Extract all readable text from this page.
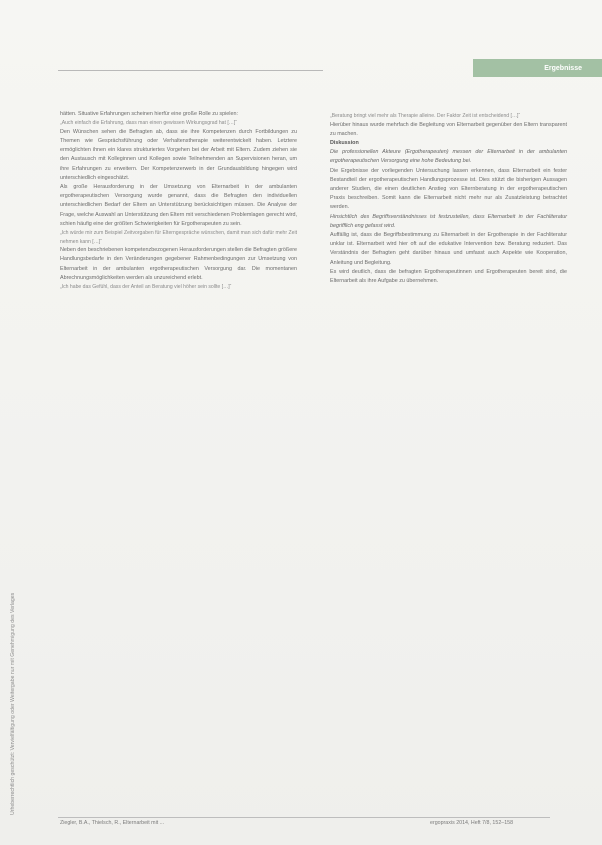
Ergebnisse
Urheberrechtlich geschützt: Vervielfältigung oder Weitergabe nur mit Genehmigung des Verlages

hätten. Situative Erfahrungen scheinen hierfür eine große Rolle zu spielen:

„Auch einfach die Erfahrung, dass man einen gewissen Wirkungsgrad hat […]“

Den Wünschen sehen die Befragten ab, dass sie ihre Kompetenzen durch Fortbildungen zu Themen wie Gesprächsführung oder Verhaltenstherapie weiterentwickelt haben. Letztere ermöglichten ihnen ein klares strukturiertes Vorgehen bei der Arbeit mit Eltern. Zudem ziehen sie den Austausch mit Kolleginnen und Kollegen sowie Teilnehmenden an Supervisionen heran, um ihre Erfahrungen zu erweitern. Der Kompetenzerwerb in der Grundausbildung hingegen wird unterschiedlich eingeschätzt.

Als große Herausforderung in der Umsetzung von Elternarbeit in der ambulanten ergotherapeutischen Versorgung wurde genannt, dass die Befragten den individuellen unterschiedlichen Bedarf der Eltern an Unterstützung berücksichtigen müssen. Die Analyse der Frage, welche Auswahl an Unterstützung den Eltern mit verschiedenen Problemlagen gerecht wird, schien häufig eine der größten Schwierigkeiten für Ergotherapeuten zu sein.

„Ich würde mir zum Beispiel Zeitvorgaben für Elterngespräche wünschen, damit man sich dafür mehr Zeit nehmen kann […]“

Neben den beschriebenen kompetenzbezogenen Herausforderungen stellen die Befragten größere Handlungsbedarfe in den Veränderungen gegebener Rahmenbedingungen zur Umsetzung von Elternarbeit in der ambulanten ergotherapeutischen Versorgung dar. Die momentanen Abrechnungsmöglichkeiten werden als unzureichend erlebt.

„Ich habe das Gefühl, dass der Anteil an Beratung viel höher sein sollte […]“

„Beratung bringt viel mehr als Therapie alleine. Der Faktor Zeit ist entscheidend […]“

Hierüber hinaus wurde mehrfach die Begleitung von Elternarbeit gegenüber den Eltern transparent zu machen.

Diskussion

Die professionellen Akteure (Ergotherapeuten) messen der Elternarbeit in der ambulanten ergotherapeutischen Versorgung eine hohe Bedeutung bei.

Die Ergebnisse der vorliegenden Untersuchung lassen erkennen, dass Elternarbeit ein fester Bestandteil der ergotherapeutischen Handlungsprozesse ist. Dies stützt die bisherigen Aussagen anderer Studien, die einen deutlichen Anstieg von Elternberatung in der ergotherapeutischen Praxis beschreiben. Somit kann die Elternarbeit nicht mehr nur als Zusatzleistung betrachtet werden.

Hinsichtlich des Begriffsverständnisses ist festzustellen, dass Elternarbeit in der Fachliteratur begrifflich eng gefasst wird.

Auffällig ist, dass die Begriffsbestimmung zu Elternarbeit in der Ergotherapie in der Fachliteratur unklar ist. Elternarbeit wird hier oft auf die edukative Intervention bzw. Beratung reduziert. Das Verständnis der Befragten geht darüber hinaus und umfasst auch Aspekte wie Kooperation, Anleitung und Begleitung.

Es wird deutlich, dass die befragten Ergotherapeutinnen und Ergotherapeuten bereit sind, die Elternarbeit als ihre Aufgabe zu übernehmen.

Ziegler, B.A., Thielsch, R., Elternarbeit mit ...	ergopraxis 2014, Heft 7/8, 152–158
